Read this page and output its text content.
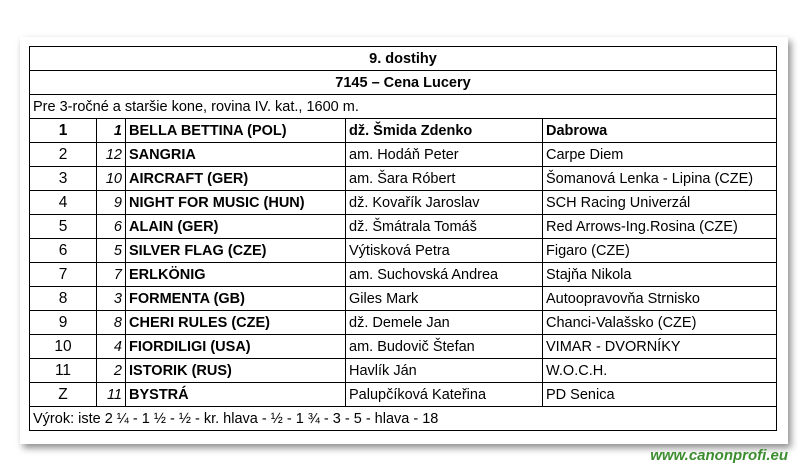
9. dostihy				
7145 – Cena Lucery				
Pre 3-ročné a staršie kone, rovina IV. kat., 1600 m.				
1	1	BELLA BETTINA (POL)	dž. Šmida Zdenko	Dabrowa
2	12	SANGRIA	am. Hodáň Peter	Carpe Diem
3	10	AIRCRAFT (GER)	am. Šara Róbert	Šomanová Lenka - Lipina (CZE)
4	9	NIGHT FOR MUSIC (HUN)	dž. Kovařík Jaroslav	SCH Racing Univerzál
5	6	ALAIN (GER)	dž. Šmátrala Tomáš	Red Arrows-Ing.Rosina (CZE)
6	5	SILVER FLAG (CZE)	Výtisková Petra	Figaro (CZE)
7	7	ERLKÖNIG	am. Suchovská Andrea	Stajňa Nikola
8	3	FORMENTA (GB)	Giles Mark	Autoopravovňa Strnisko
9	8	CHERI RULES (CZE)	dž. Demele Jan	Chanci-Valašsko (CZE)
10	4	FIORDILIGI (USA)	am. Budovič Štefan	VIMAR - DVORNÍKY
11	2	ISTORIK (RUS)	Havlík Ján	W.O.C.H.
Z	11	BYSTRÁ	Palupčíková Kateřina	PD Senica
Výrok: iste 2 ¼ - 1 ½ - ½ - kr. hlava - ½ - 1 ¾ - 3 - 5 - hlava - 18				
www.canonprofi.eu
